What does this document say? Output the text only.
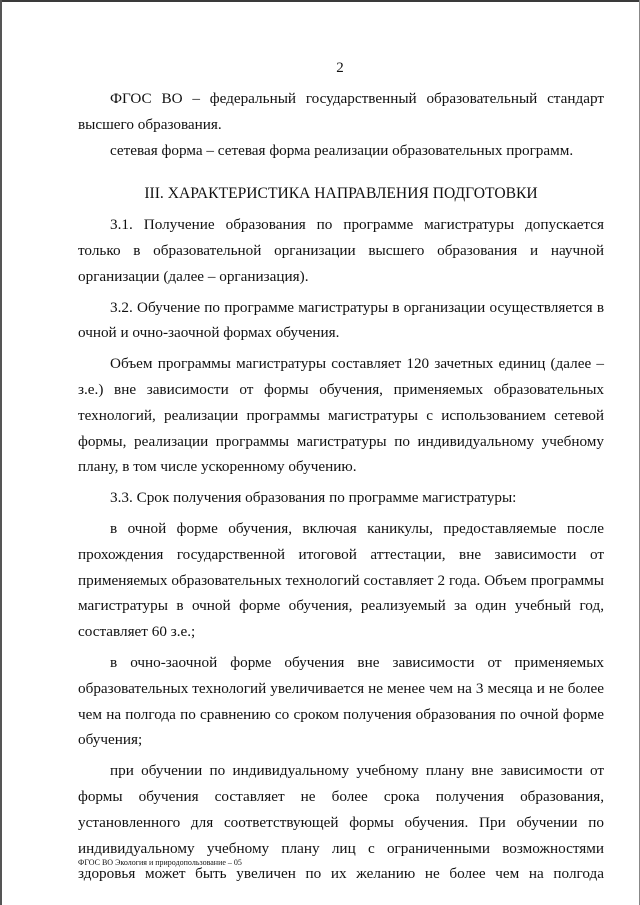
2

ФГОС ВО – федеральный государственный образовательный стандарт высшего образования.

сетевая форма – сетевая форма реализации образовательных программ.

III. ХАРАКТЕРИСТИКА НАПРАВЛЕНИЯ ПОДГОТОВКИ

3.1. Получение образования по программе магистратуры допускается только в образовательной организации высшего образования и научной организации (далее – организация).

3.2. Обучение по программе магистратуры в организации осуществляется в очной и очно-заочной формах обучения.

Объем программы магистратуры составляет 120 зачетных единиц (далее – з.е.) вне зависимости от формы обучения, применяемых образовательных технологий, реализации программы магистратуры с использованием сетевой формы, реализации программы магистратуры по индивидуальному учебному плану, в том числе ускоренному обучению.

3.3. Срок получения образования по программе магистратуры:

в очной форме обучения, включая каникулы, предоставляемые после прохождения государственной итоговой аттестации, вне зависимости от применяемых образовательных технологий составляет 2 года. Объем программы магистратуры в очной форме обучения, реализуемый за один учебный год, составляет 60 з.е.;

в очно-заочной форме обучения вне зависимости от применяемых образовательных технологий увеличивается не менее чем на 3 месяца и не более чем на полгода по сравнению со сроком получения образования по очной форме обучения;

при обучении по индивидуальному учебному плану вне зависимости от формы обучения составляет не более срока получения образования, установленного для соответствующей формы обучения. При обучении по индивидуальному учебному плану лиц с ограниченными возможностями здоровья может быть увеличен по их желанию не более чем на полгода

ФГОС ВО Экология и природопользование – 05
